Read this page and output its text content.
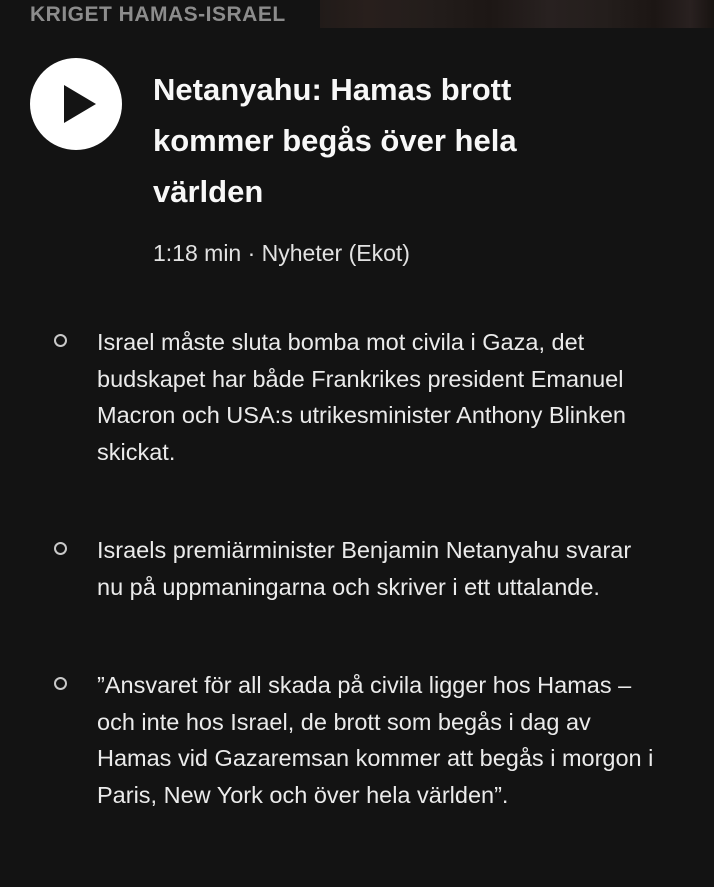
KRIGET HAMAS-ISRAEL
Netanyahu: Hamas brott kommer begås över hela världen
1:18 min · Nyheter (Ekot)

Israel måste sluta bomba mot civila i Gaza, det budskapet har både Frankrikes president Emanuel Macron och USA:s utrikesminister Anthony Blinken skickat.

Israels premiärminister Benjamin Netanyahu svarar nu på uppmaningarna och skriver i ett uttalande.

”Ansvaret för all skada på civila ligger hos Hamas – och inte hos Israel, de brott som begås i dag av Hamas vid Gazaremsan kommer att begås i morgon i Paris, New York och över hela världen”.
